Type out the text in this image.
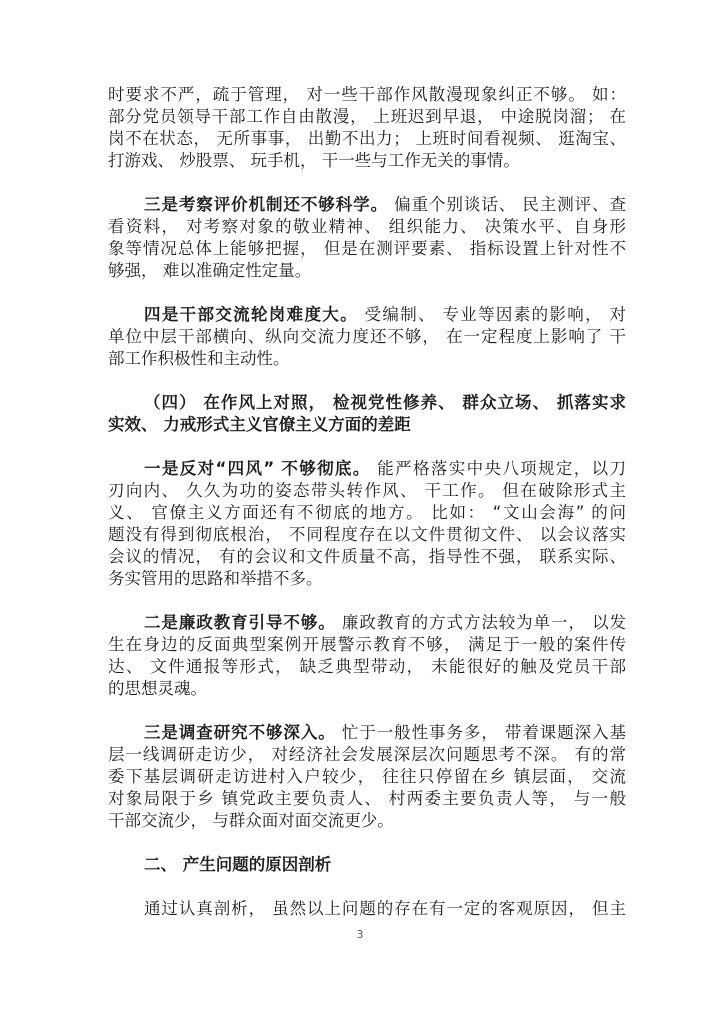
时要求不严，疏于管理， 对一些干部作风散漫现象纠正不够。 如：
部分党员领导干部工作自由散漫， 上班迟到早退， 中途脱岗溜； 在
岗不在状态， 无所事事， 出勤不出力； 上班时间看视频、 逛淘宝、
打游戏、 炒股票、 玩手机， 干一些与工作无关的事情。
三是考察评价机制还不够科学。 偏重个别谈话、 民主测评、查
看资料， 对考察对象的敬业精神、 组织能力、 决策水平、自身形
象等情况总体上能够把握， 但是在测评要素、 指标设置上针对性不
够强， 难以准确定性定量。
四是干部交流轮岗难度大。 受编制、 专业等因素的影响， 对
单位中层干部横向、纵向交流力度还不够， 在一定程度上影响了 干
部工作积极性和主动性。
（四） 在作风上对照， 检视党性修养、 群众立场、 抓落实求
实效、 力戒形式主义官僚主义方面的差距
一是反对“四风” 不够彻底。 能严格落实中央八项规定，以刀
刃向内、 久久为功的姿态带头转作风、 干工作。 但在破除形式主
义、 官僚主义方面还有不彻底的地方。 比如： “文山会海” 的问
题没有得到彻底根治， 不同程度存在以文件贯彻文件、 以会议落实
会议的情况， 有的会议和文件质量不高，指导性不强， 联系实际、
务实管用的思路和举措不多。
二是廉政教育引导不够。 廉政教育的方式方法较为单一， 以发
生在身边的反面典型案例开展警示教育不够， 满足于一般的案件传
达、 文件通报等形式， 缺乏典型带动， 未能很好的触及党员干部
的思想灵魂。
三是调查研究不够深入。 忙于一般性事务多， 带着课题深入基
层一线调研走访少， 对经济社会发展深层次问题思考不深。 有的常
委下基层调研走访进村入户较少， 往往只停留在乡 镇层面， 交流
对象局限于乡 镇党政主要负责人、 村两委主要负责人等， 与一般
干部交流少， 与群众面对面交流更少。
二、 产生问题的原因剖析
通过认真剖析， 虽然以上问题的存在有一定的客观原因， 但主
3
